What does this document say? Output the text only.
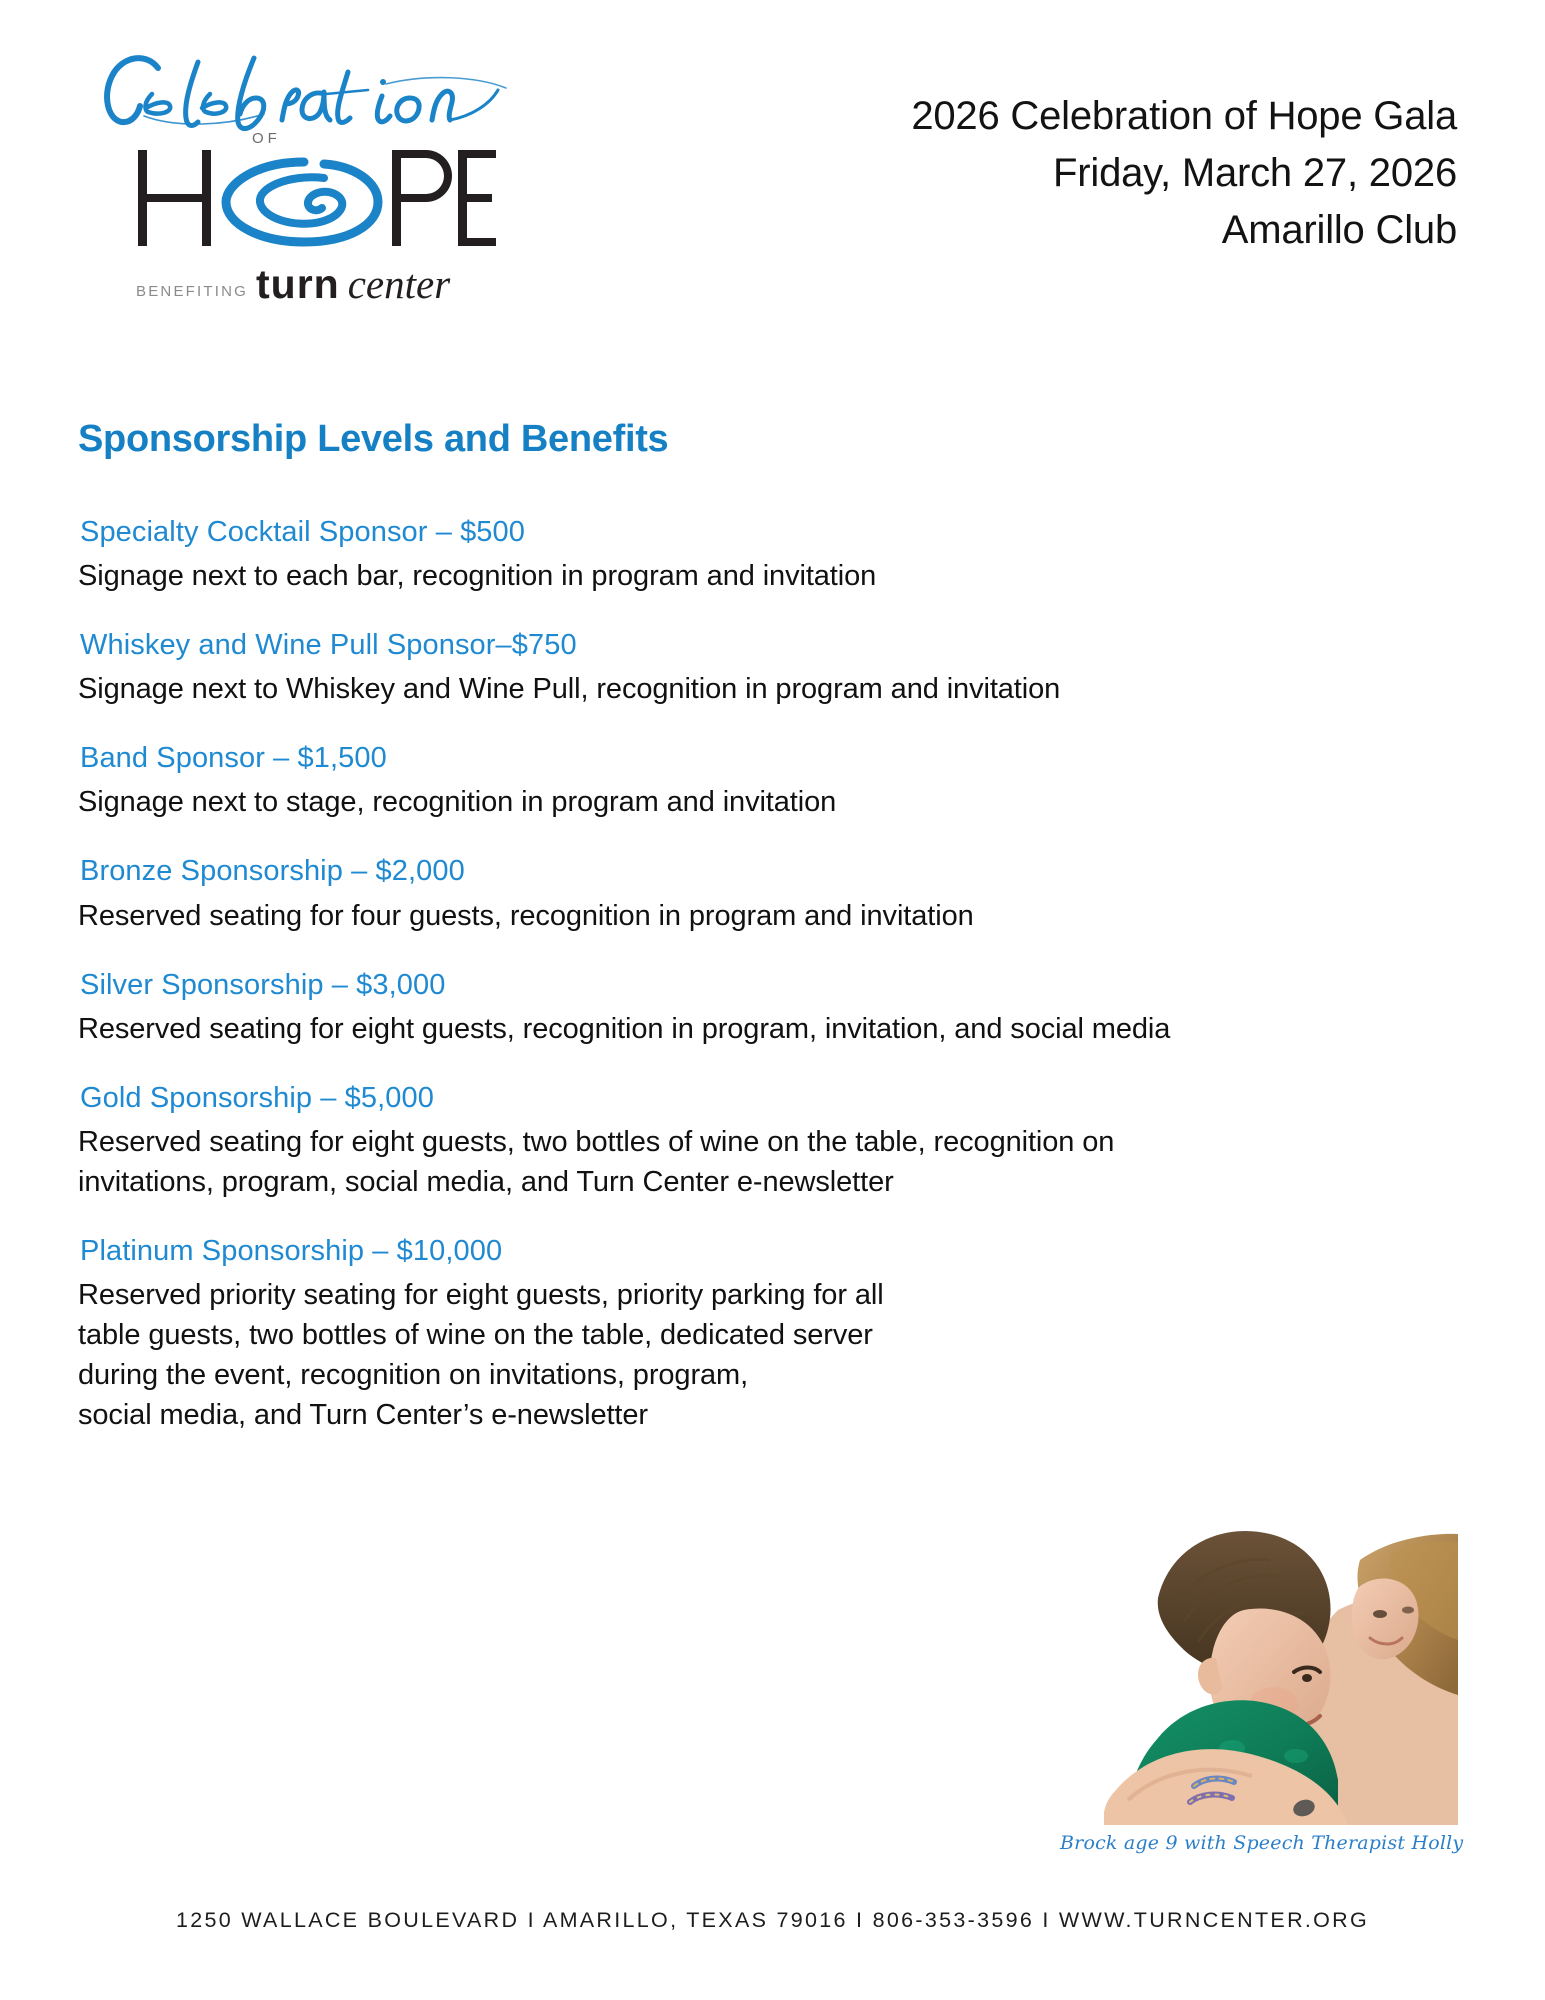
OF
BENEFITING turn center
2026 Celebration of Hope Gala
Friday, March 27, 2026
Amarillo Club
Sponsorship Levels and Benefits
Specialty Cocktail Sponsor – $500
Signage next to each bar, recognition in program and invitation
Whiskey and Wine Pull Sponsor–$750
Signage next to Whiskey and Wine Pull, recognition in program and invitation
Band Sponsor – $1,500
Signage next to stage, recognition in program and invitation
Bronze Sponsorship – $2,000
Reserved seating for four guests, recognition in program and invitation
Silver Sponsorship – $3,000
Reserved seating for eight guests, recognition in program, invitation, and social media
Gold Sponsorship – $5,000
Reserved seating for eight guests, two bottles of wine on the table, recognition on
invitations, program, social media, and Turn Center e-newsletter
Platinum Sponsorship – $10,000
Reserved priority seating for eight guests, priority parking for all
table guests, two bottles of wine on the table, dedicated server
during the event, recognition on invitations, program,
social media, and Turn Center’s e-newsletter
Brock age 9 with Speech Therapist Holly
1250 WALLACE BOULEVARD I AMARILLO, TEXAS 79016 I 806-353-3596 I WWW.TURNCENTER.ORG
